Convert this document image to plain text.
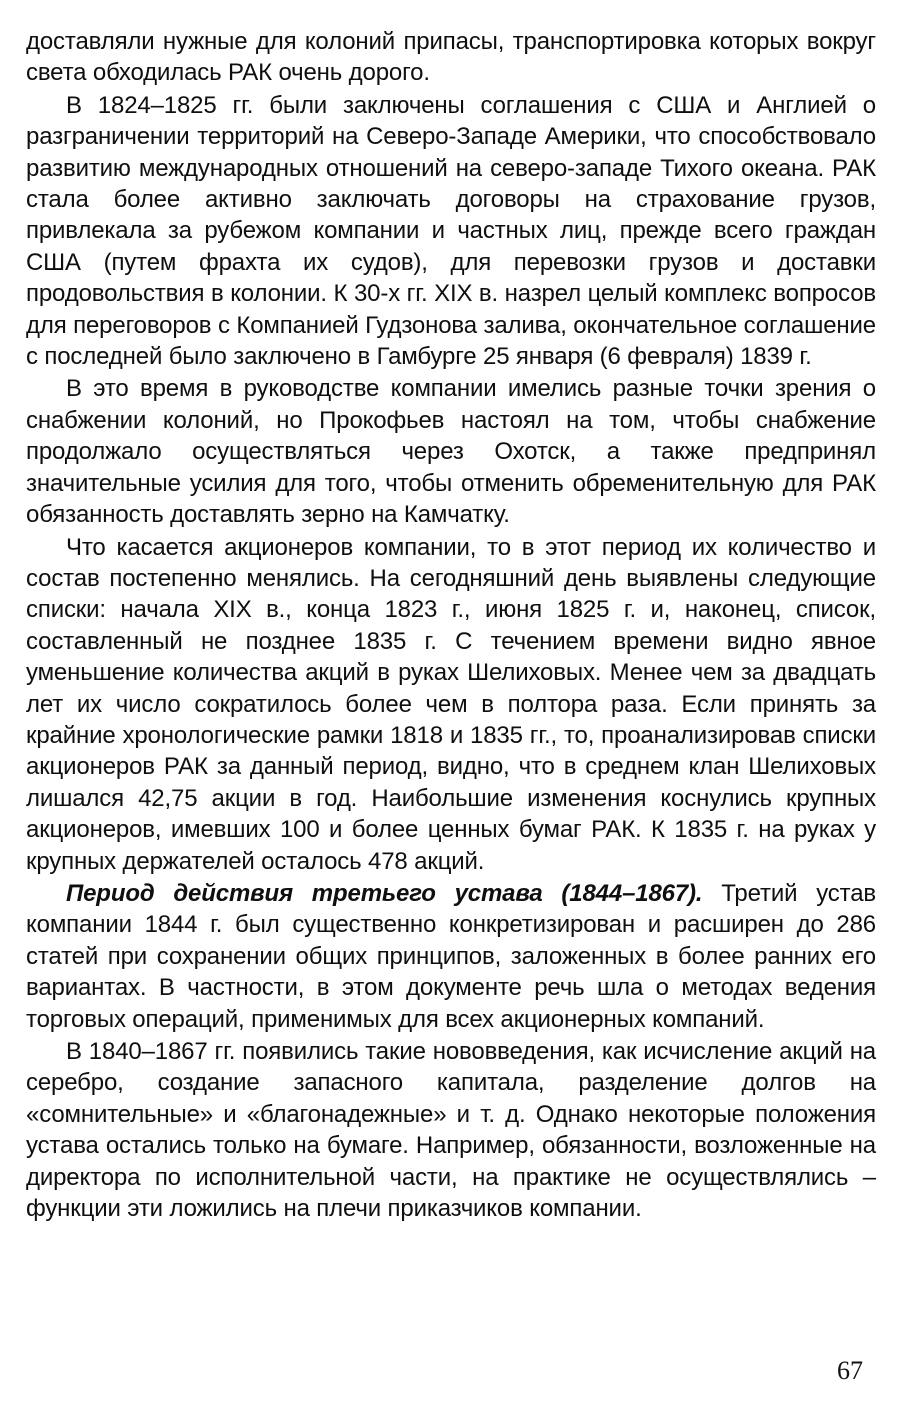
доставляли нужные для колоний припасы, транспортировка которых вокруг света обходилась РАК очень дорого.

В 1824–1825 гг. были заключены соглашения с США и Англией о разграничении территорий на Северо-Западе Америки, что способствовало развитию международных отношений на северо-западе Тихого океана. РАК стала более активно заключать договоры на страхование грузов, привлекала за рубежом компании и частных лиц, прежде всего граждан США (путем фрахта их судов), для перевозки грузов и доставки продовольствия в колонии. К 30-х гг. XIX в. назрел целый комплекс вопросов для переговоров с Компанией Гудзонова залива, окончательное соглашение с последней было заключено в Гамбурге 25 января (6 февраля) 1839 г.

В это время в руководстве компании имелись разные точки зрения о снабжении колоний, но Прокофьев настоял на том, чтобы снабжение продолжало осуществляться через Охотск, а также предпринял значительные усилия для того, чтобы отменить обременительную для РАК обязанность доставлять зерно на Камчатку.

Что касается акционеров компании, то в этот период их количество и состав постепенно менялись. На сегодняшний день выявлены следующие списки: начала XIX в., конца 1823 г., июня 1825 г. и, наконец, список, составленный не позднее 1835 г. С течением времени видно явное уменьшение количества акций в руках Шелиховых. Менее чем за двадцать лет их число сократилось более чем в полтора раза. Если принять за крайние хронологические рамки 1818 и 1835 гг., то, проанализировав списки акционеров РАК за данный период, видно, что в среднем клан Шелиховых лишался 42,75 акции в год. Наибольшие изменения коснулись крупных акционеров, имевших 100 и более ценных бумаг РАК. К 1835 г. на руках у крупных держателей осталось 478 акций.

Период действия третьего устава (1844–1867). Третий устав компании 1844 г. был существенно конкретизирован и расширен до 286 статей при сохранении общих принципов, заложенных в более ранних его вариантах. В частности, в этом документе речь шла о методах ведения торговых операций, применимых для всех акционерных компаний.

В 1840–1867 гг. появились такие нововведения, как исчисление акций на серебро, создание запасного капитала, разделение долгов на «сомнительные» и «благонадежные» и т. д. Однако некоторые положения устава остались только на бумаге. Например, обязанности, возложенные на директора по исполнительной части, на практике не осуществлялись – функции эти ложились на плечи приказчиков компании.

67
